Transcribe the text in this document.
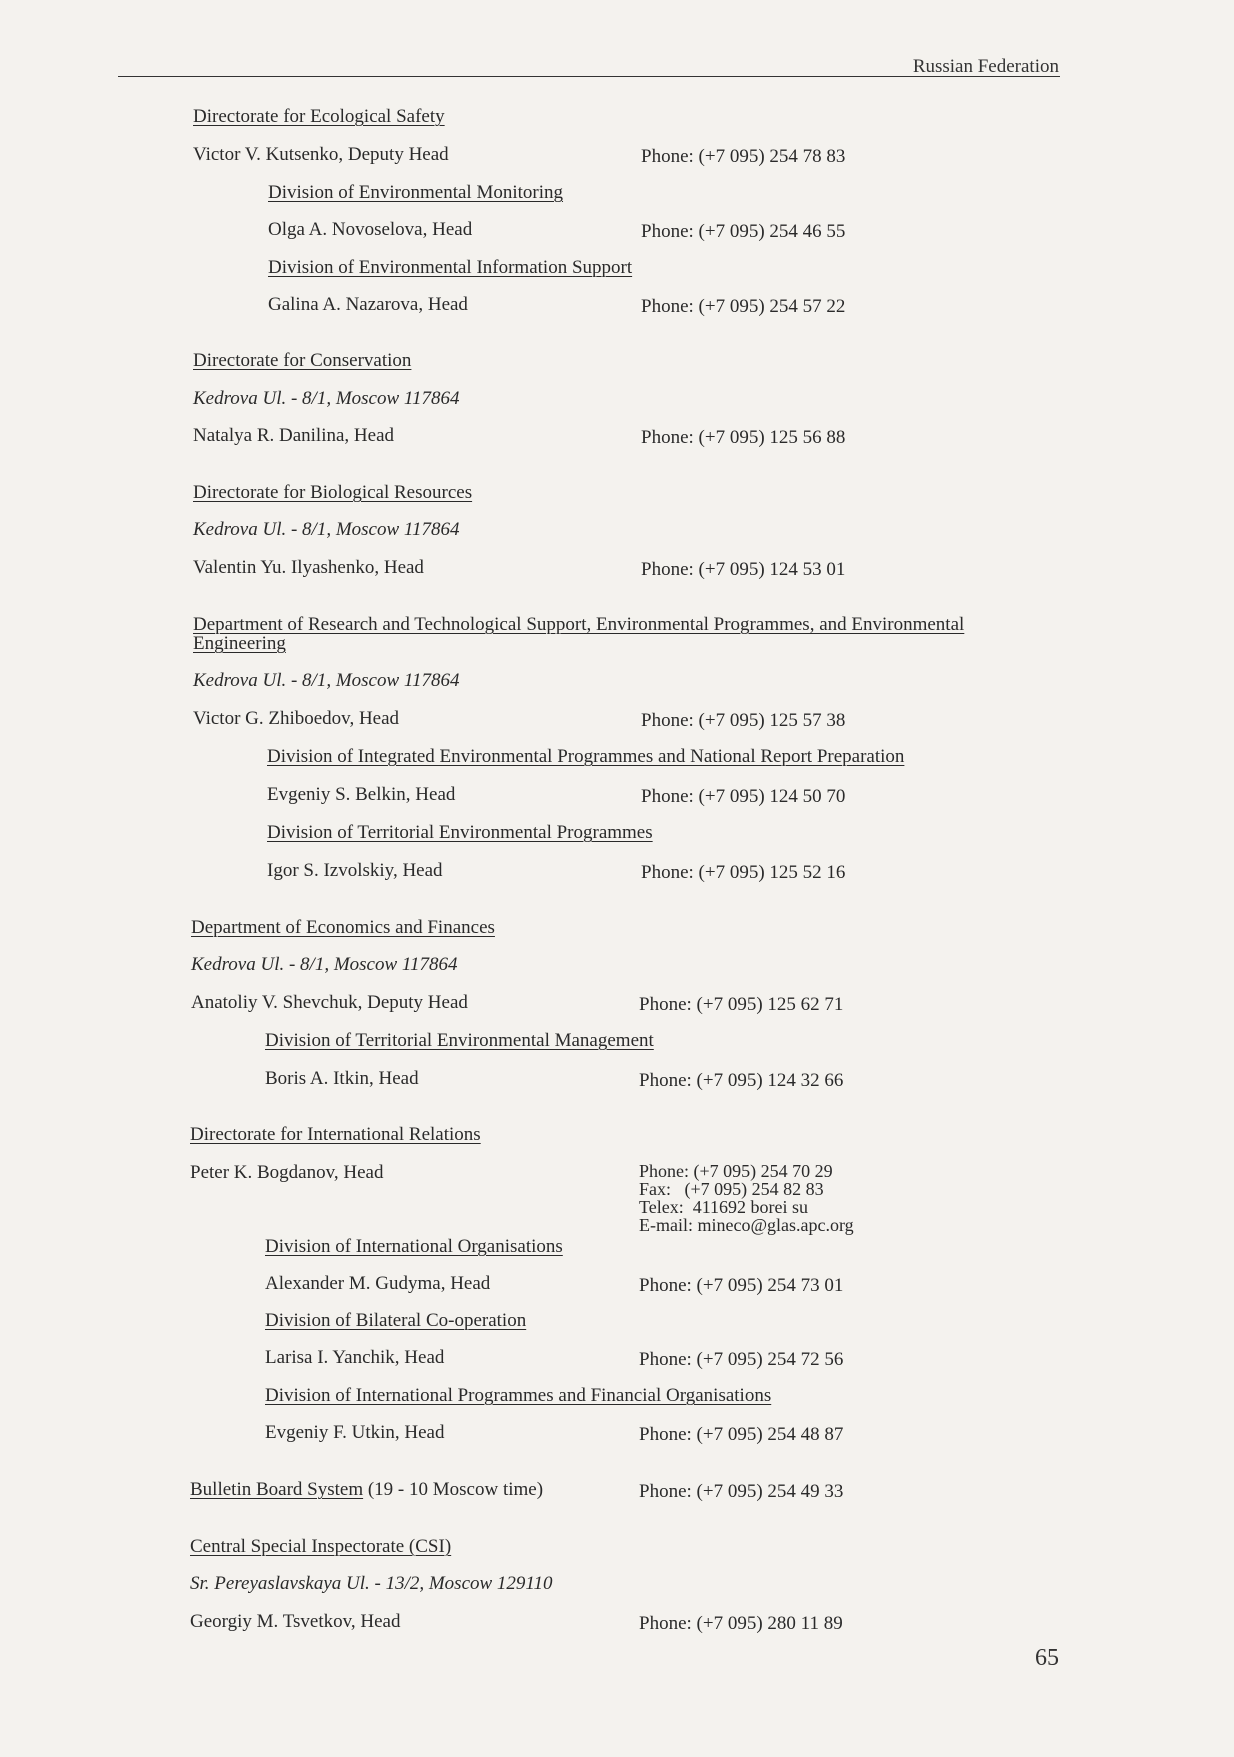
Russian Federation
Directorate for Ecological Safety
Victor V. Kutsenko, Deputy Head	Phone: (+7 095) 254 78 83
Division of Environmental Monitoring
Olga A. Novoselova, Head	Phone: (+7 095) 254 46 55
Division of Environmental Information Support
Galina A. Nazarova, Head	Phone: (+7 095) 254 57 22
Directorate for Conservation
Kedrova Ul. - 8/1, Moscow 117864
Natalya R. Danilina, Head	Phone: (+7 095) 125 56 88
Directorate for Biological Resources
Kedrova Ul. - 8/1, Moscow 117864
Valentin Yu. Ilyashenko, Head	Phone: (+7 095) 124 53 01
Department of Research and Technological Support, Environmental Programmes, and Environmental
Engineering
Kedrova Ul. - 8/1, Moscow 117864
Victor G. Zhiboedov, Head	Phone: (+7 095) 125 57 38
Division of Integrated Environmental Programmes and National Report Preparation
Evgeniy S. Belkin, Head	Phone: (+7 095) 124 50 70
Division of Territorial Environmental Programmes
Igor S. Izvolskiy, Head	Phone: (+7 095) 125 52 16
Department of Economics and Finances
Kedrova Ul. - 8/1, Moscow 117864
Anatoliy V. Shevchuk, Deputy Head	Phone: (+7 095) 125 62 71
Division of Territorial Environmental Management
Boris A. Itkin, Head	Phone: (+7 095) 124 32 66
Directorate for International Relations
Peter K. Bogdanov, Head	Phone: (+7 095) 254 70 29
Fax:   (+7 095) 254 82 83
Telex:  411692 borei su
E-mail: mineco@glas.apc.org
Division of International Organisations
Alexander M. Gudyma, Head	Phone: (+7 095) 254 73 01
Division of Bilateral Co-operation
Larisa I. Yanchik, Head	Phone: (+7 095) 254 72 56
Division of International Programmes and Financial Organisations
Evgeniy F. Utkin, Head	Phone: (+7 095) 254 48 87
Bulletin Board System (19 - 10 Moscow time)	Phone: (+7 095) 254 49 33
Central Special Inspectorate (CSI)
Sr. Pereyaslavskaya Ul. - 13/2, Moscow 129110
Georgiy M. Tsvetkov, Head	Phone: (+7 095) 280 11 89
65
